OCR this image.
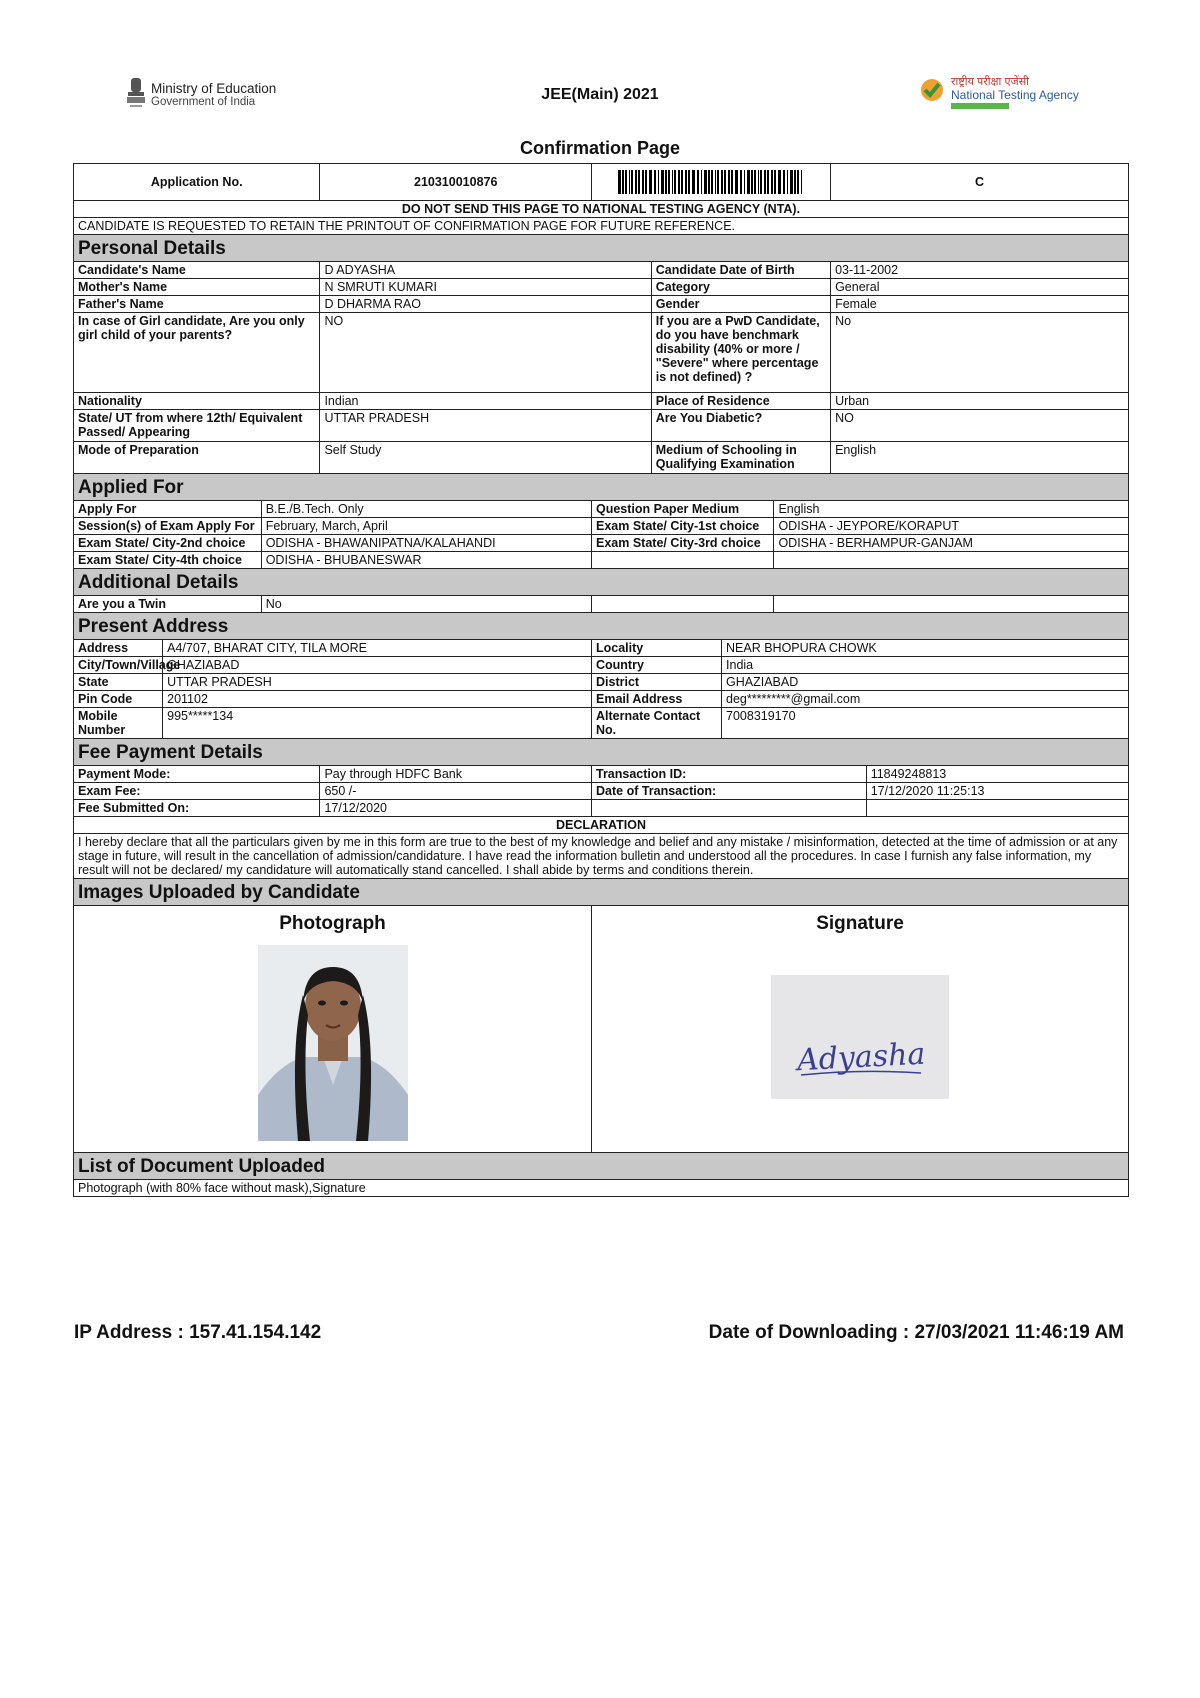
Ministry of Education
Government of India	JEE(Main) 2021
राष्ट्रीय परीक्षा एजेंसी
National Testing Agency
Confirmation Page
Application No.			210310010876					C	
DO NOT SEND THIS PAGE TO NATIONAL TESTING AGENCY (NTA).									
CANDIDATE IS REQUESTED TO RETAIN THE PRINTOUT OF CONFIRMATION PAGE FOR FUTURE REFERENCE.									
Personal Details									
Candidate's Name			D ADYASHA		Candidate Date of Birth			03-11-2002	
Mother's Name			N SMRUTI KUMARI		Category			General	
Father's Name			D DHARMA RAO		Gender			Female	
In case of Girl candidate, Are you only girl child of your parents?			NO		If you are a PwD Candidate, do you have benchmark disability (40% or more / "Severe" where percentage is not defined) ?			No	
Nationality			Indian		Place of Residence			Urban	
State/ UT from where 12th/ Equivalent Passed/ Appearing			UTTAR PRADESH		Are You Diabetic?			NO	
Mode of Preparation			Self Study		Medium of Schooling in Qualifying Examination			English	
Applied For									
Apply For		B.E./B.Tech. Only		Question Paper Medium			English		
Session(s) of Exam Apply For		February, March, April		Exam State/ City-1st choice			ODISHA - JEYPORE/KORAPUT		
Exam State/ City-2nd choice		ODISHA - BHAWANIPATNA/KALAHANDI		Exam State/ City-3rd choice			ODISHA - BERHAMPUR-GANJAM		
Exam State/ City-4th choice		ODISHA - BHUBANESWAR							
Additional Details									
Are you a Twin		No							
Present Address									
Address	A4/707, BHARAT CITY, TILA MORE			Locality		NEAR BHOPURA CHOWK			
City/Town/Village	GHAZIABAD			Country		India			
State	UTTAR PRADESH			District		GHAZIABAD			
Pin Code	201102			Email Address		deg*********@gmail.com			
Mobile Number	995*****134			Alternate Contact No.		7008319170			
Fee Payment Details									
Payment Mode:			Pay through HDFC Bank	Transaction ID:					11849248813
Exam Fee:			650 /-	Date of Transaction:					17/12/2020 11:25:13
Fee Submitted On:			17/12/2020						
DECLARATION									
I hereby declare that all the particulars given by me in this form are true to the best of my knowledge and belief and any mistake / misinformation, detected at the time of admission or at any stage in future, will result in the cancellation of admission/candidature. I have read the information bulletin and understood all the procedures. In case I furnish any false information, my result will not be declared/ my candidature will automatically stand cancelled. I shall abide by terms and conditions therein.									
Images Uploaded by Candidate									

Photograph				Signature
Adyasha					

List of Document Uploaded									
Photograph (with 80% face without mask),Signature									
IP Address : 157.41.154.142	Date of Downloading : 27/03/2021 11:46:19 AM
